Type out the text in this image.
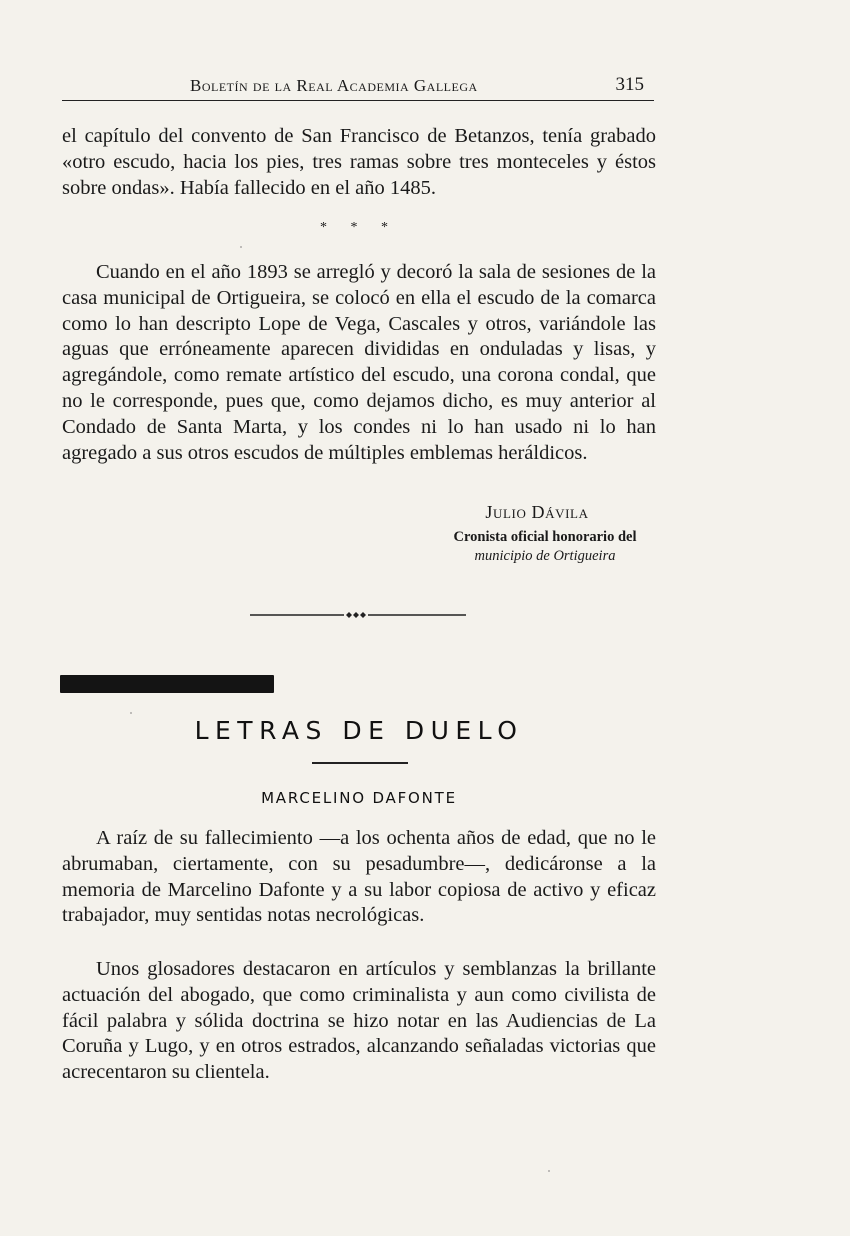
Boletín de la Real Academia Gallega	315

el capítulo del convento de San Francisco de Betanzos, tenía grabado «otro escudo, hacia los pies, tres ramas sobre tres monteceles y éstos sobre ondas». Había fallecido en el año 1485.

* * *

Cuando en el año 1893 se arregló y decoró la sala de sesiones de la casa municipal de Ortigueira, se colocó en ella el escudo de la comarca como lo han descripto Lope de Vega, Cascales y otros, variándole las aguas que erróneamente aparecen divididas en onduladas y lisas, y agregándole, como remate artístico del escudo, una corona condal, que no le corresponde, pues que, como dejamos dicho, es muy anterior al Condado de Santa Marta, y los condes ni lo han usado ni lo han agregado a sus otros escudos de múltiples emblemas heráldicos.

Julio Dávila
Cronista oficial honorario del
municipio de Ortigueira
LETRAS DE DUELO
MARCELINO DAFONTE

A raíz de su fallecimiento —a los ochenta años de edad, que no le abrumaban, ciertamente, con su pesadumbre—, dedicáronse a la memoria de Marcelino Dafonte y a su labor copiosa de activo y eficaz trabajador, muy sentidas notas necrológicas.

Unos glosadores destacaron en artículos y semblanzas la brillante actuación del abogado, que como criminalista y aun como civilista de fácil palabra y sólida doctrina se hizo notar en las Audiencias de La Coruña y Lugo, y en otros estrados, alcanzando señaladas victorias que acrecentaron su clientela.
